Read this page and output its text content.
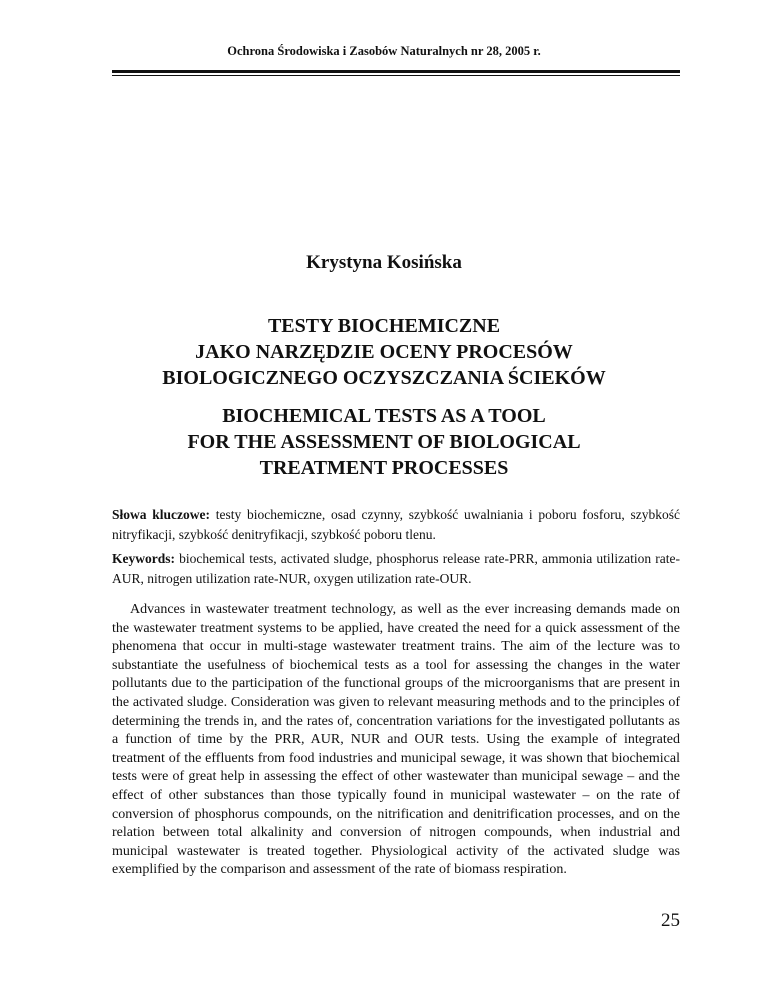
Ochrona Środowiska i Zasobów Naturalnych nr 28, 2005 r.
Krystyna Kosińska
TESTY BIOCHEMICZNE
JAKO NARZĘDZIE OCENY PROCESÓW
BIOLOGICZNEGO OCZYSZCZANIA ŚCIEKÓW
BIOCHEMICAL TESTS AS A TOOL
FOR THE ASSESSMENT OF BIOLOGICAL
TREATMENT PROCESSES
Słowa kluczowe: testy biochemiczne, osad czynny, szybkość uwalniania i poboru fosforu, szybkość nitryfikacji, szybkość denitryfikacji, szybkość poboru tlenu.
Keywords: biochemical tests, activated sludge, phosphorus release rate-PRR, ammonia utilization rate-AUR, nitrogen utilization rate-NUR, oxygen utilization rate-OUR.

Advances in wastewater treatment technology, as well as the ever increasing demands made on the wastewater treatment systems to be applied, have created the need for a quick assessment of the phenomena that occur in multi-stage wastewater treatment trains. The aim of the lecture was to substantiate the usefulness of biochemical tests as a tool for assessing the changes in the water pollutants due to the participation of the functional groups of the microorganisms that are present in the activated sludge. Consideration was given to relevant measuring methods and to the principles of determining the trends in, and the rates of, concentration variations for the investigated pollutants as a function of time by the PRR, AUR, NUR and OUR tests. Using the example of integrated treatment of the effluents from food industries and municipal sewage, it was shown that biochemical tests were of great help in assessing the effect of other wastewater than municipal sewage – and the effect of other substances than those typically found in municipal wastewater – on the rate of conversion of phosphorus compounds, on the nitrification and denitrification processes, and on the relation between total alkalinity and conversion of nitrogen compounds, when industrial and municipal wastewater is treated together. Physiological activity of the activated sludge was exemplified by the comparison and assessment of the rate of biomass respiration.

25
